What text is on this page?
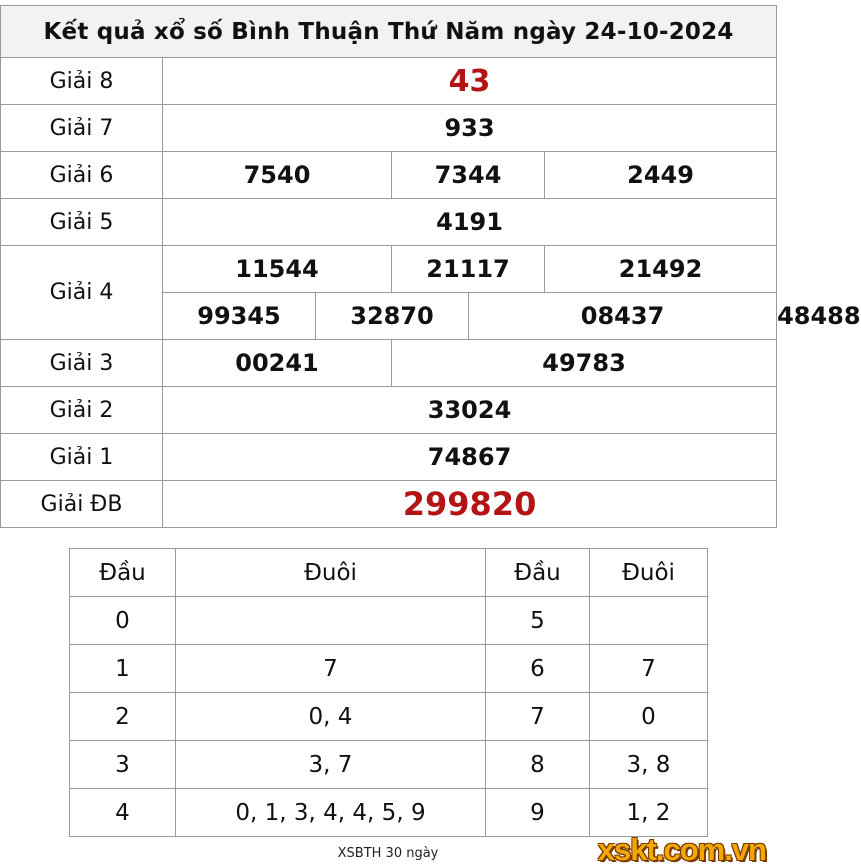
Kết quả xổ số Bình Thuận Thứ Năm ngày 24-10-2024						
Giải 8	43					
Giải 7	933					
Giải 6	7540		7344		2449	
Giải 5	4191					
Giải 4	11544		21117		21492	
	99345	32870		08437		48488
Giải 3	00241		49783			
Giải 2	33024					
Giải 1	74867					
Giải ĐB	299820					
Đầu	Đuôi	Đầu	Đuôi
0		5	
1	7	6	7
2	0, 4	7	0
3	3, 7	8	3, 8
4	0, 1, 3, 4, 4, 5, 9	9	1, 2
XSBTH 30 ngày	xskt.com.vn
